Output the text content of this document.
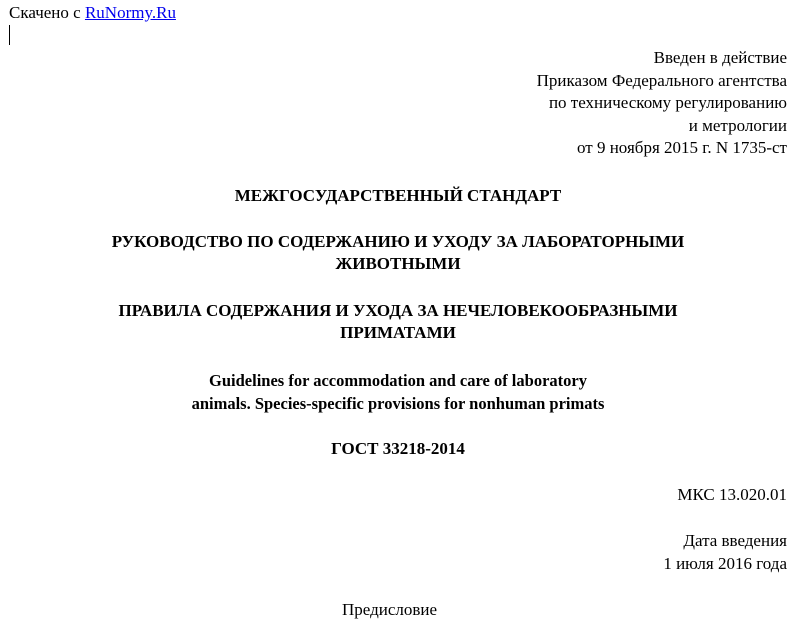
Скачено с RuNormy.Ru
Введен в действие
Приказом Федерального агентства
по техническому регулированию
и метрологии
от 9 ноября 2015 г. N 1735-ст
МЕЖГОСУДАРСТВЕННЫЙ СТАНДАРТ
РУКОВОДСТВО ПО СОДЕРЖАНИЮ И УХОДУ ЗА ЛАБОРАТОРНЫМИ
ЖИВОТНЫМИ
ПРАВИЛА СОДЕРЖАНИЯ И УХОДА ЗА НЕЧЕЛОВЕКООБРАЗНЫМИ
ПРИМАТАМИ
Guidelines for accommodation and care of laboratory
animals. Species-specific provisions for nonhuman primats
ГОСТ 33218-2014
МКС 13.020.01
Дата введения
1 июля 2016 года
Предисловие
